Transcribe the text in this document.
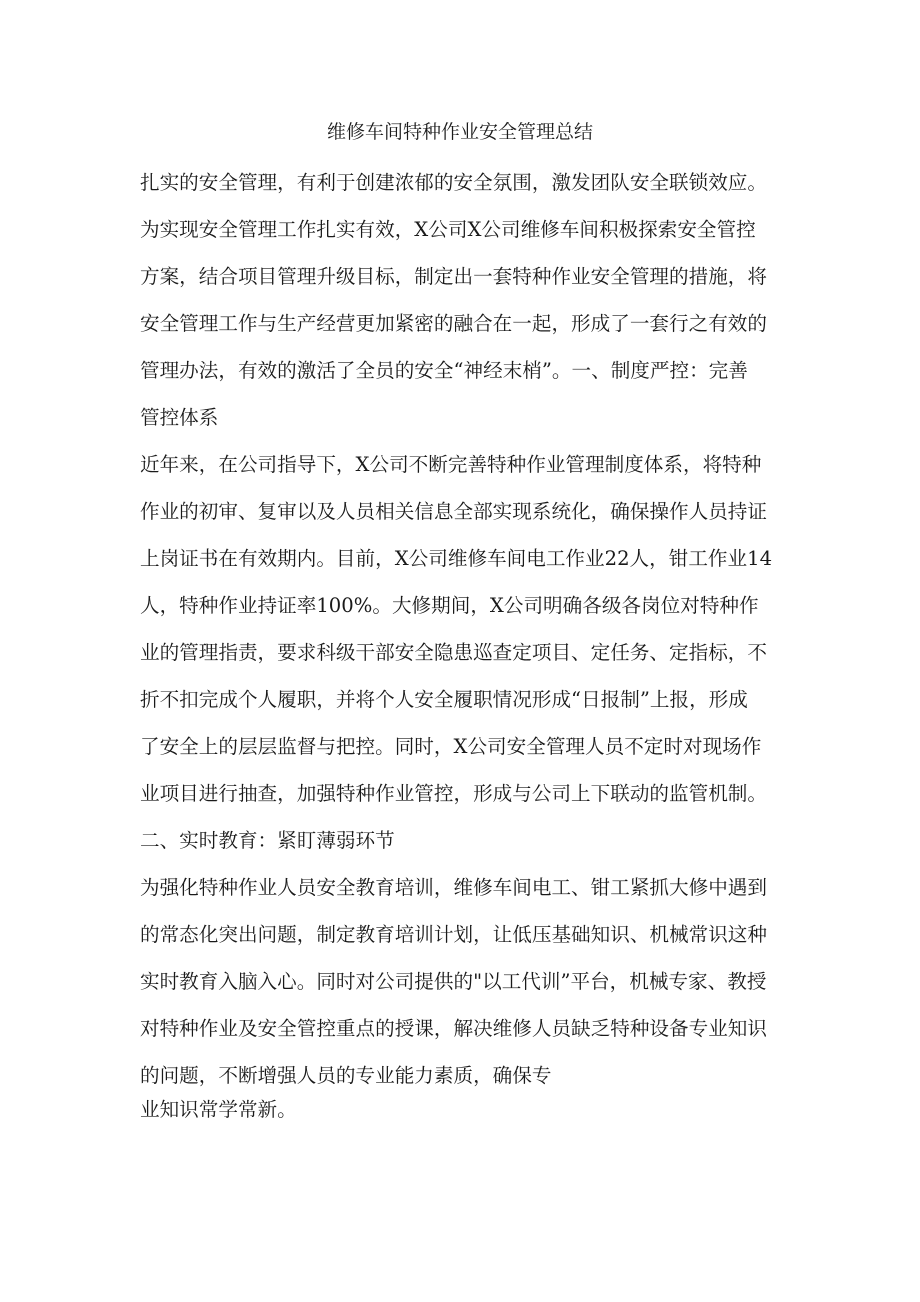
维修车间特种作业安全管理总结
扎实的安全管理，有利于创建浓郁的安全氛围，激发团队安全联锁效应。
为实现安全管理工作扎实有效，X公司X公司维修车间积极探索安全管控
方案，结合项目管理升级目标，制定出一套特种作业安全管理的措施，将
安全管理工作与生产经营更加紧密的融合在一起，形成了一套行之有效的
管理办法，有效的激活了全员的安全“神经末梢”。一、制度严控：完善
管控体系
近年来，在公司指导下，X公司不断完善特种作业管理制度体系，将特种
作业的初审、复审以及人员相关信息全部实现系统化，确保操作人员持证
上岗证书在有效期内。目前，X公司维修车间电工作业22人，钳工作业14
人，特种作业持证率100%。大修期间，X公司明确各级各岗位对特种作
业的管理指责，要求科级干部安全隐患巡查定项目、定任务、定指标，不
折不扣完成个人履职，并将个人安全履职情况形成“日报制”上报，形成
了安全上的层层监督与把控。同时，X公司安全管理人员不定时对现场作
业项目进行抽查，加强特种作业管控，形成与公司上下联动的监管机制。
二、实时教育：紧盯薄弱环节
为强化特种作业人员安全教育培训，维修车间电工、钳工紧抓大修中遇到
的常态化突出问题，制定教育培训计划，让低压基础知识、机械常识这种
实时教育入脑入心。同时对公司提供的"以工代训”平台，机械专家、教授
对特种作业及安全管控重点的授课，解决维修人员缺乏特种设备专业知识
的问题，不断增强人员的专业能力素质，确保专
业知识常学常新。
